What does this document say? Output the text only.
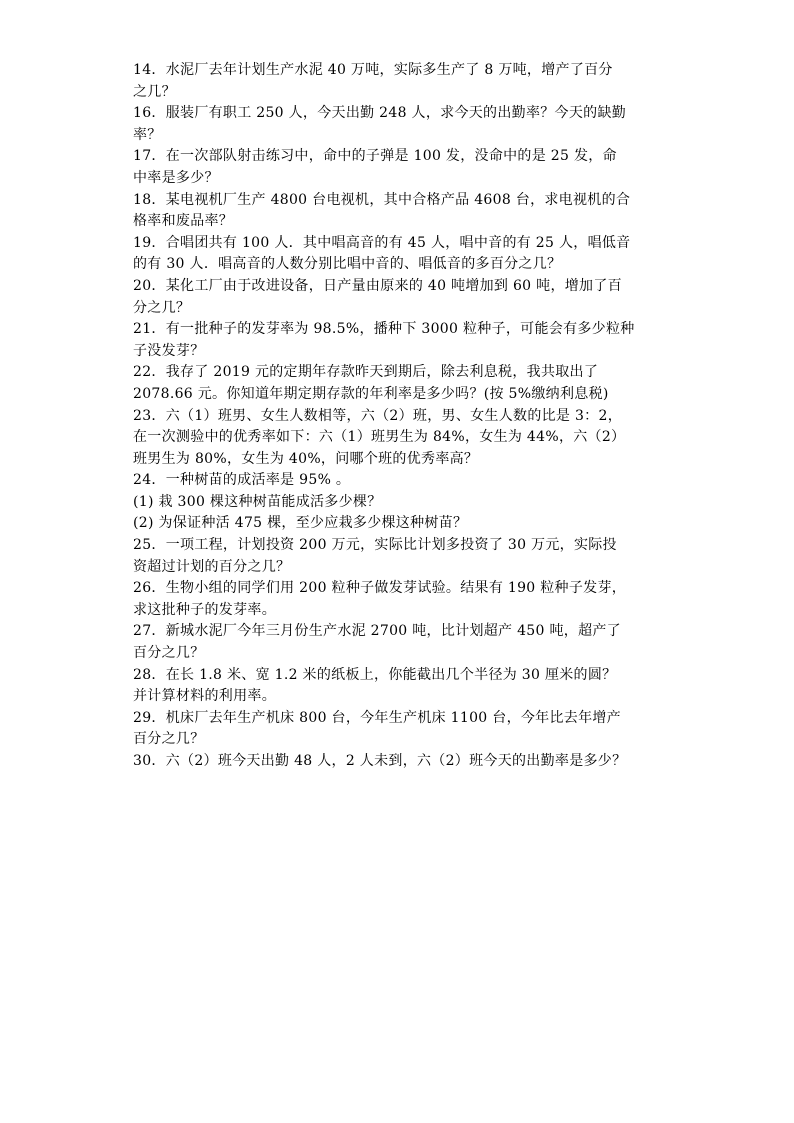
14．水泥厂去年计划生产水泥 40 万吨，实际多生产了 8 万吨，增产了百分
之几？
16．服装厂有职工 250 人，今天出勤 248 人，求今天的出勤率？今天的缺勤
率？
17．在一次部队射击练习中，命中的子弹是 100 发，没命中的是 25 发，命
中率是多少？
18．某电视机厂生产 4800 台电视机，其中合格产品 4608 台，求电视机的合
格率和废品率？
19．合唱团共有 100 人．其中唱高音的有 45 人，唱中音的有 25 人，唱低音
的有 30 人．唱高音的人数分别比唱中音的、唱低音的多百分之几？
20．某化工厂由于改进设备，日产量由原来的 40 吨增加到 60 吨，增加了百
分之几？
21．有一批种子的发芽率为 98.5%，播种下 3000 粒种子，可能会有多少粒种
子没发芽？
22．我存了 2019 元的定期年存款昨天到期后，除去利息税，我共取出了
2078.66 元。你知道年期定期存款的年利率是多少吗？(按 5%缴纳利息税)
23．六（1）班男、女生人数相等，六（2）班，男、女生人数的比是 3：2，
在一次测验中的优秀率如下：六（1）班男生为 84%，女生为 44%，六（2）
班男生为 80%，女生为 40%，问哪个班的优秀率高？
24．一种树苗的成活率是 95% 。
(1) 栽 300 棵这种树苗能成活多少棵？
(2) 为保证种活 475 棵，至少应栽多少棵这种树苗？
25．一项工程，计划投资 200 万元，实际比计划多投资了 30 万元，实际投
资超过计划的百分之几？
26．生物小组的同学们用 200 粒种子做发芽试验。结果有 190 粒种子发芽，
求这批种子的发芽率。
27．新城水泥厂今年三月份生产水泥 2700 吨，比计划超产 450 吨，超产了
百分之几？
28．在长 1.8 米、宽 1.2 米的纸板上，你能截出几个半径为 30 厘米的圆？
并计算材料的利用率。
29．机床厂去年生产机床 800 台，今年生产机床 1100 台，今年比去年增产
百分之几？
30．六（2）班今天出勤 48 人，2 人未到，六（2）班今天的出勤率是多少？
